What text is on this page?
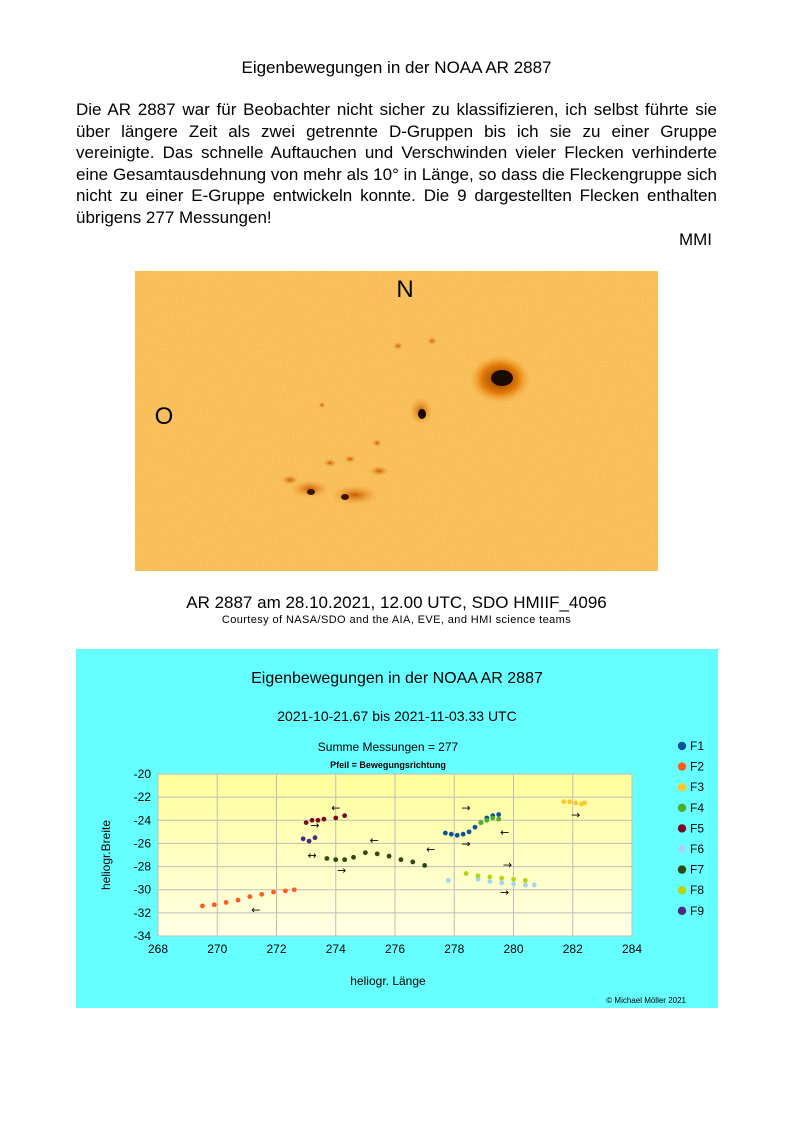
Eigenbewegungen in der NOAA AR 2887
Die AR 2887 war für Beobachter nicht sicher zu klassifizieren, ich selbst führte sie über längere Zeit als zwei getrennte D-Gruppen bis ich sie zu einer Gruppe vereinigte. Das schnelle Auftauchen und Verschwinden vieler Flecken verhinderte eine Gesamtausdehnung von mehr als 10° in Länge, so dass die Fleckengruppe sich nicht zu einer E-Gruppe entwickeln konnte. Die 9 dargestellten Flecken enthalten übrigens 277 Messungen!
MMI
N
O
AR 2887 am 28.10.2021, 12.00 UTC, SDO HMIIF_4096
Courtesy of NASA/SDO and the AIA, EVE, and HMI science teams
Eigenbewegungen in der NOAA AR 2887
2021-10-21.67 bis 2021-11-03.33 UTC
Summe Messungen = 277
Pfeil = Bewegungsrichtung
268	270	272	274	276	278	280	282	284
-20
-22
-24
-26
-28
-30
-32
-34
←
→
↔
←
←
→
→
←
→
→
→
→
←
heliogr. Länge
heliogr.Breite
F1
F2
F3
F4
F5
F6
F7
F8
F9
© Michael Möller 2021
